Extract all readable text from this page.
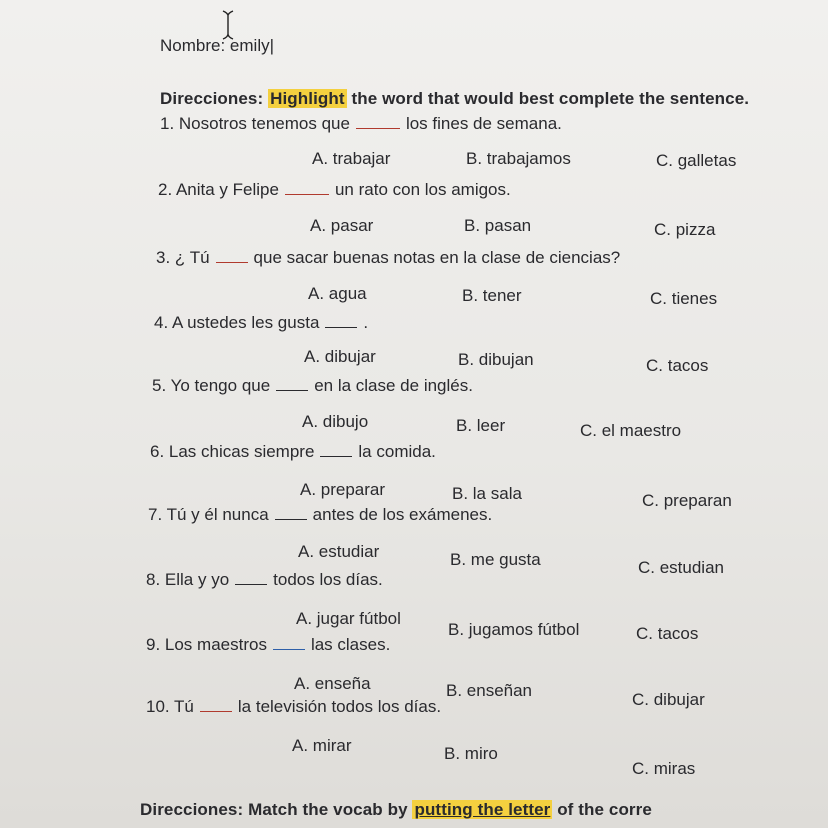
Nombre: emily|
Direcciones: Highlight the word that would best complete the sentence.
1. Nosotros tenemos que	los fines de semana.
A. trabajar	B. trabajamos	C. galletas
2. Anita y Felipe	un rato con los amigos.
A. pasar	B. pasan	C. pizza
3. ¿ Tú	que sacar buenas notas en la clase de ciencias?
A. agua	B. tener	C. tienes
4. A ustedes les gusta	.
A. dibujar	B. dibujan	C. tacos
5. Yo tengo que	en la clase de inglés.
A. dibujo	B. leer	C. el maestro
6. Las chicas siempre	la comida.
A. preparar	B. la sala	C. preparan
7. Tú y él nunca	antes de los exámenes.
A. estudiar	B. me gusta	C. estudian
8. Ella y yo	todos los días.
A. jugar fútbol
B. jugamos fútbol	C. tacos
9. Los maestros	las clases.
A. enseña	B. enseñan	C. dibujar
10. Tú	la televisión todos los días.
A. mirar	B. miro
C. miras
Direcciones: Match the vocab by putting the letter of the corre
